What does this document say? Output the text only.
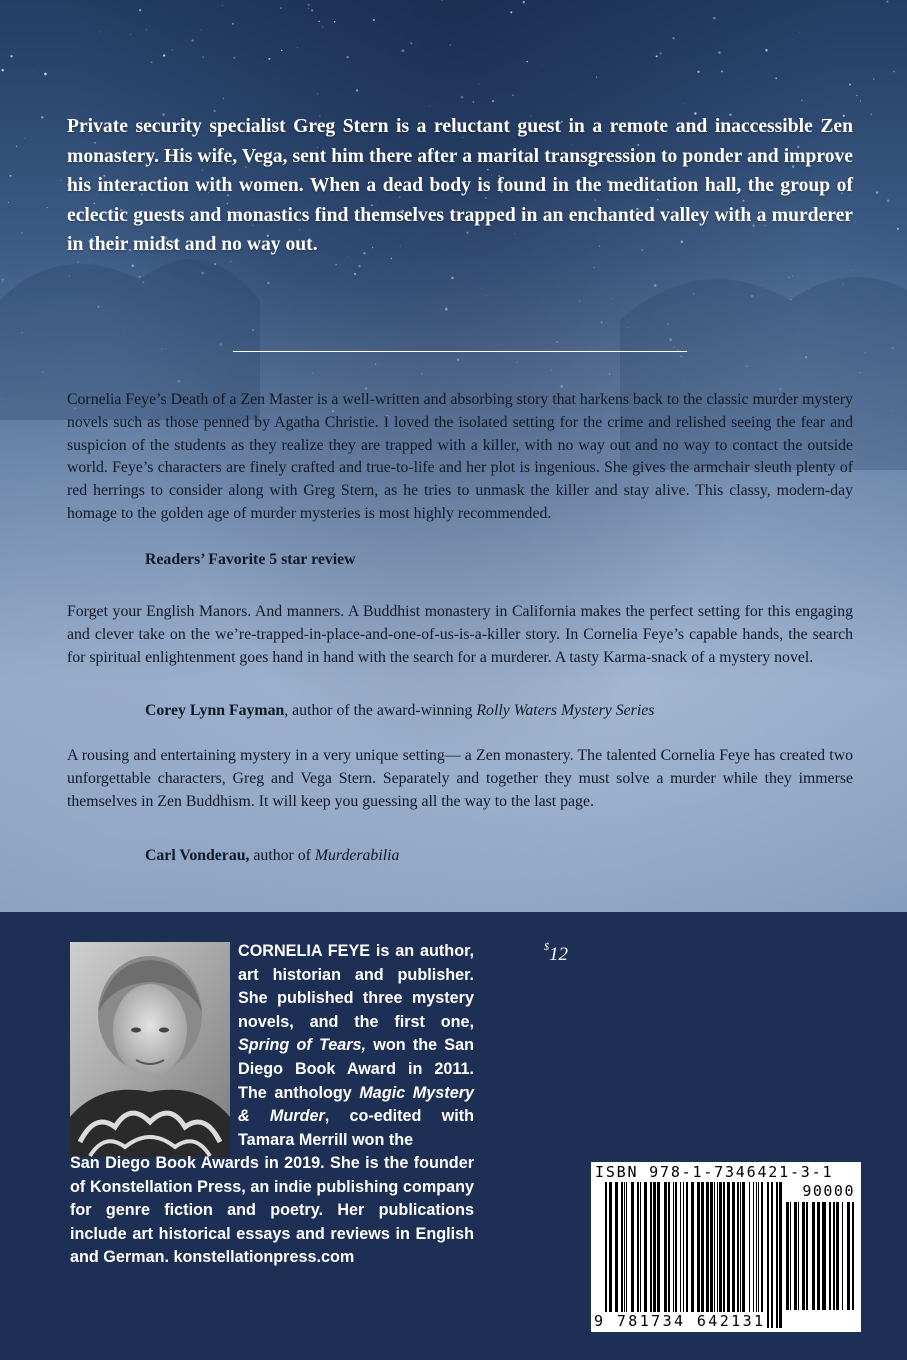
Private security specialist Greg Stern is a reluctant guest in a remote and inaccessible Zen monastery. His wife, Vega, sent him there after a marital transgression to ponder and improve his interaction with women. When a dead body is found in the meditation hall, the group of eclectic guests and monastics find themselves trapped in an enchanted valley with a murderer in their midst and no way out.

Cornelia Feye’s Death of a Zen Master is a well-written and absorbing story that harkens back to the classic murder mystery novels such as those penned by Agatha Christie. I loved the isolated setting for the crime and relished seeing the fear and suspicion of the students as they realize they are trapped with a killer, with no way out and no way to contact the outside world. Feye’s characters are finely crafted and true-to-life and her plot is ingenious. She gives the armchair sleuth plenty of red herrings to consider along with Greg Stern, as he tries to unmask the killer and stay alive. This classy, modern-day homage to the golden age of murder mysteries is most highly recommended.

Readers’ Favorite 5 star review

Forget your English Manors. And manners. A Buddhist monastery in California makes the perfect setting for this engaging and clever take on the we’re-trapped-in-place-and-one-of-us-is-a-killer story. In Cornelia Feye’s capable hands, the search for spiritual enlightenment goes hand in hand with the search for a murderer. A tasty Karma-snack of a mystery novel.

Corey Lynn Fayman, author of the award-winning Rolly Waters Mystery Series

A rousing and entertaining mystery in a very unique setting— a Zen monastery. The talented Cornelia Feye has created two unforgettable characters, Greg and Vega Stern. Separately and together they must solve a murder while they immerse themselves in Zen Buddhism. It will keep you guessing all the way to the last page.

Carl Vonderau, author of Murderabilia

CORNELIA FEYE is an author, art historian and publisher. She published three mystery novels, and the first one, Spring of Tears, won the San Diego Book Award in 2011. The anthology Magic Mystery & Murder, co-edited with Tamara Merrill won the

San Diego Book Awards in 2019. She is the founder of Konstellation Press, an indie publishing company for genre fiction and poetry. Her publications include art historical essays and reviews in English and German. konstellationpress.com

$12
ISBN 978-1-7346421-3-1
90000
9 781734 642131
